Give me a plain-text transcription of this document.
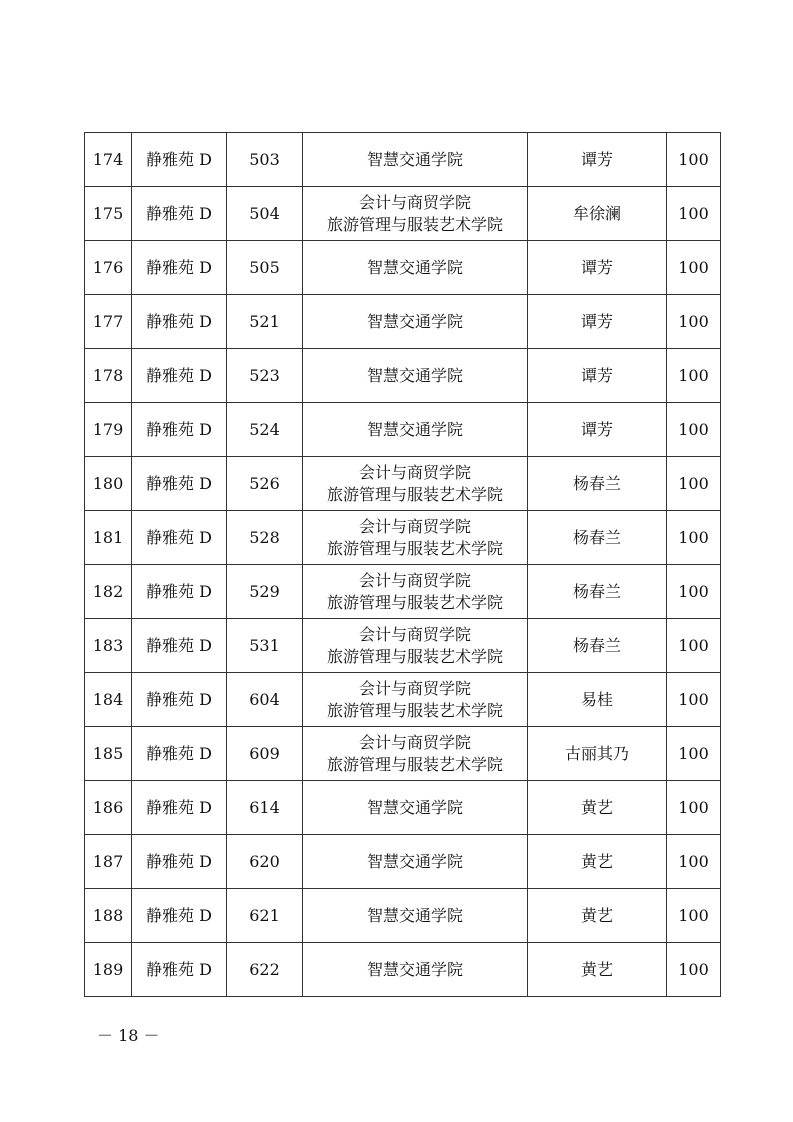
174	静雅苑 D	503	智慧交通学院	谭芳	100
175	静雅苑 D	504	会计与商贸学院
旅游管理与服装艺术学院	牟徐澜	100
176	静雅苑 D	505	智慧交通学院	谭芳	100
177	静雅苑 D	521	智慧交通学院	谭芳	100
178	静雅苑 D	523	智慧交通学院	谭芳	100
179	静雅苑 D	524	智慧交通学院	谭芳	100
180	静雅苑 D	526	会计与商贸学院
旅游管理与服装艺术学院	杨春兰	100
181	静雅苑 D	528	会计与商贸学院
旅游管理与服装艺术学院	杨春兰	100
182	静雅苑 D	529	会计与商贸学院
旅游管理与服装艺术学院	杨春兰	100
183	静雅苑 D	531	会计与商贸学院
旅游管理与服装艺术学院	杨春兰	100
184	静雅苑 D	604	会计与商贸学院
旅游管理与服装艺术学院	易桂	100
185	静雅苑 D	609	会计与商贸学院
旅游管理与服装艺术学院	古丽其乃	100
186	静雅苑 D	614	智慧交通学院	黄艺	100
187	静雅苑 D	620	智慧交通学院	黄艺	100
188	静雅苑 D	621	智慧交通学院	黄艺	100
189	静雅苑 D	622	智慧交通学院	黄艺	100
－ 18 －
